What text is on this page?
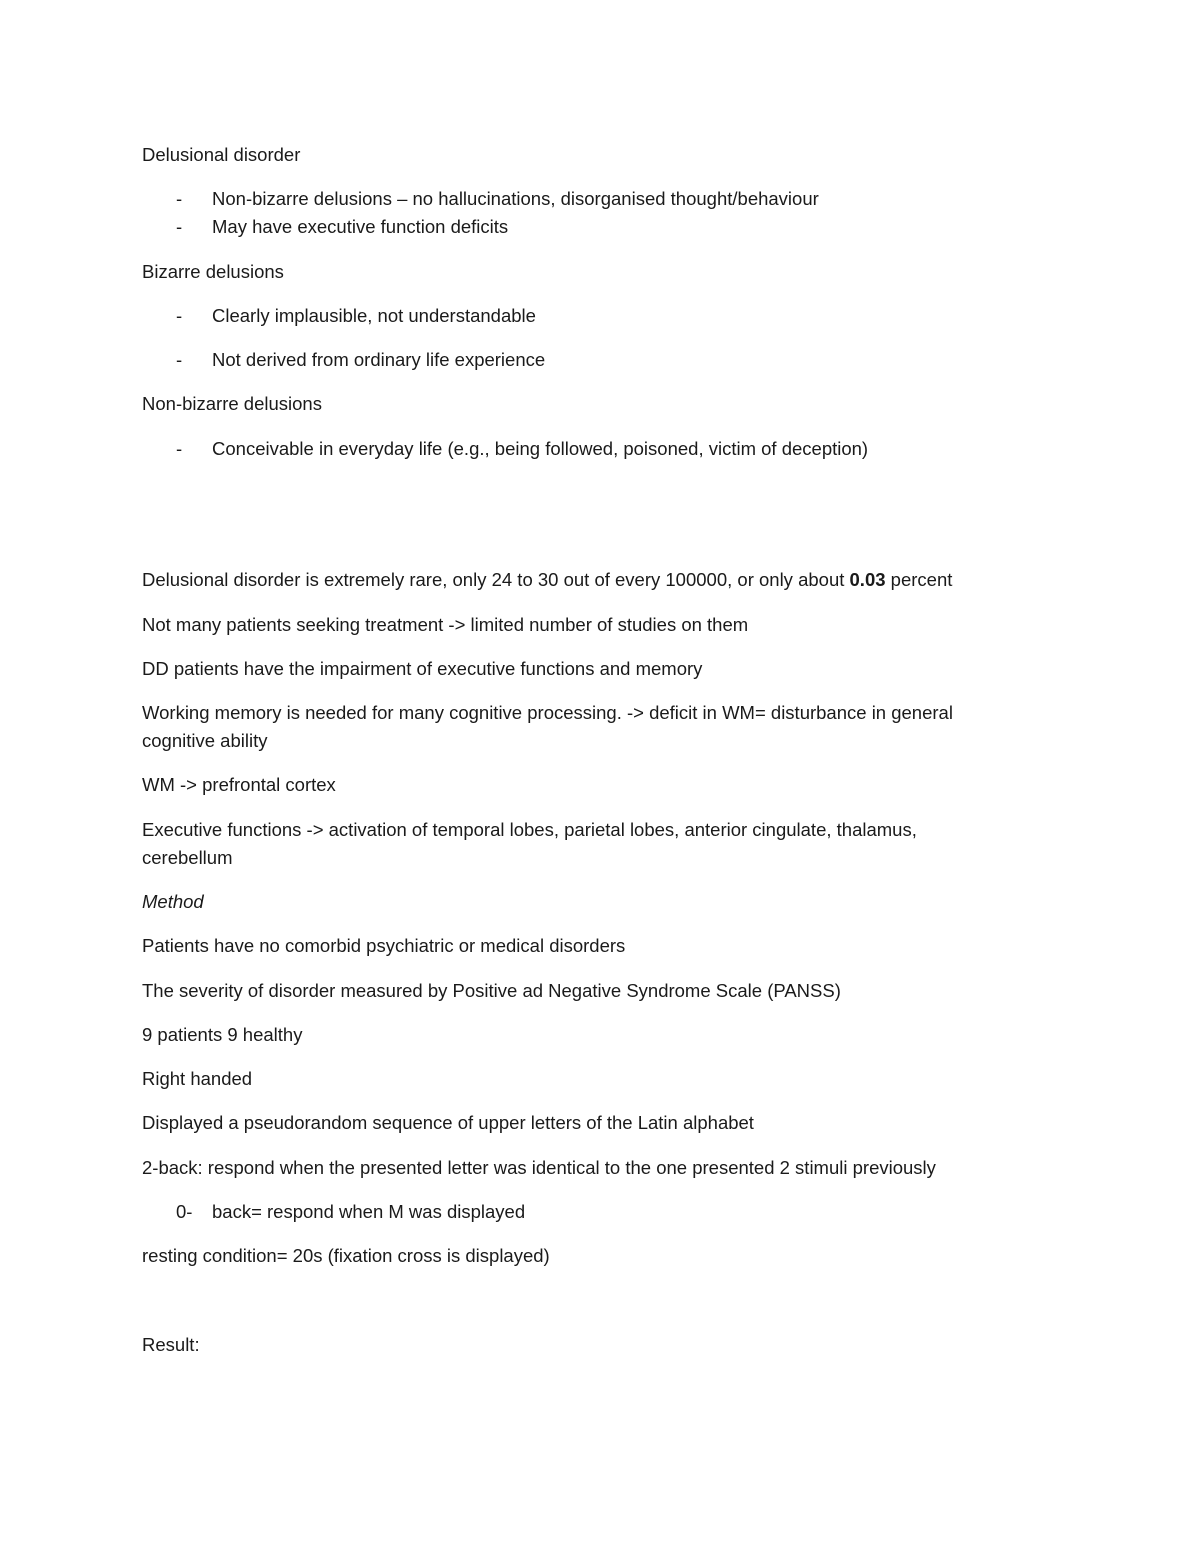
Delusional disorder
- Non-bizarre delusions – no hallucinations, disorganised thought/behaviour
- May have executive function deficits
Bizarre delusions
- Clearly implausible, not understandable
- Not derived from ordinary life experience
Non-bizarre delusions
- Conceivable in everyday life (e.g., being followed, poisoned, victim of deception)
Delusional disorder is extremely rare, only 24 to 30 out of every 100000, or only about 0.03 percent
Not many patients seeking treatment -> limited number of studies on them
DD patients have the impairment of executive functions and memory
Working memory is needed for many cognitive processing. -> deficit in WM= disturbance in general
cognitive ability
WM -> prefrontal cortex
Executive functions -> activation of temporal lobes, parietal lobes, anterior cingulate, thalamus,
cerebellum
Method
Patients have no comorbid psychiatric or medical disorders
The severity of disorder measured by Positive ad Negative Syndrome Scale (PANSS)
9 patients 9 healthy
Right handed
Displayed a pseudorandom sequence of upper letters of the Latin alphabet
2-back: respond when the presented letter was identical to the one presented 2 stimuli previously
0- back= respond when M was displayed
resting condition= 20s (fixation cross is displayed)
Result:
